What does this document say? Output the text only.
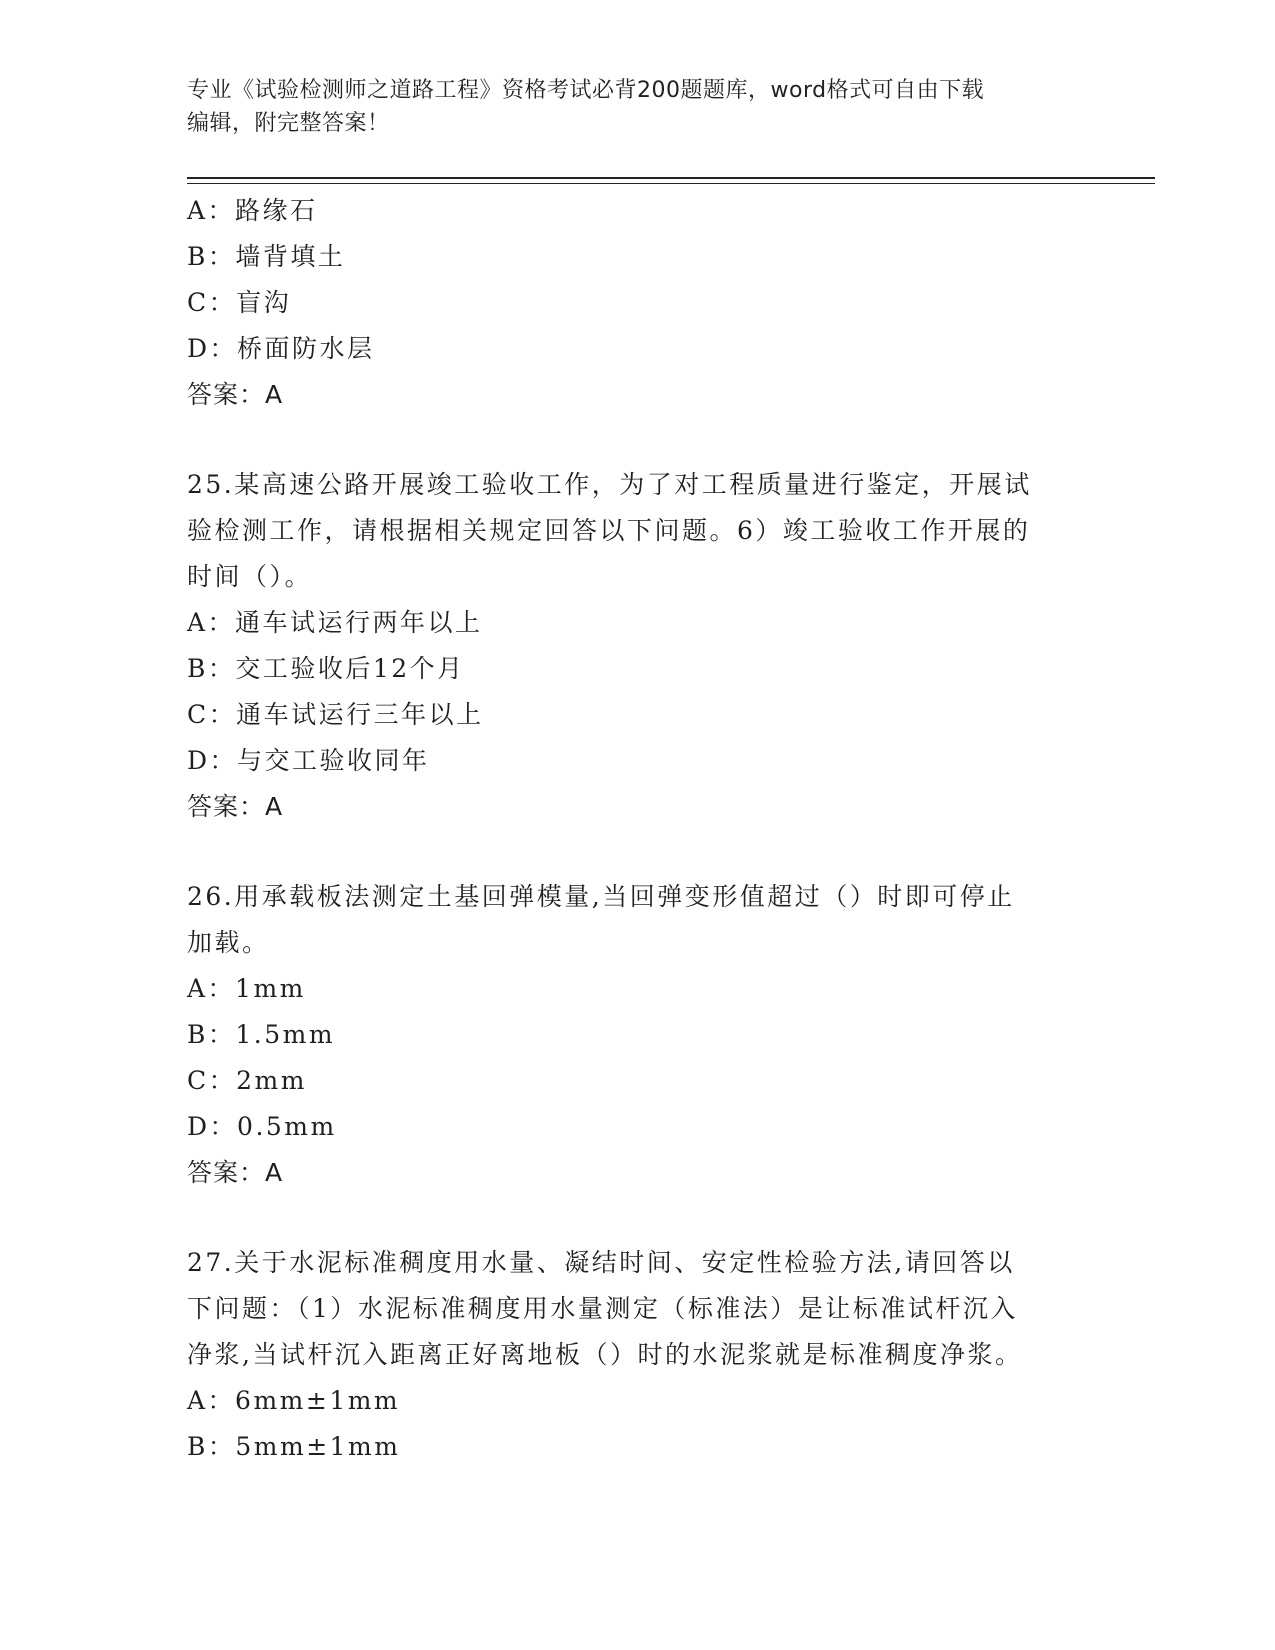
专业《试验检测师之道路工程》资格考试必背200题题库，word格式可自由下载
编辑，附完整答案！
A：路缘石
B：墙背填土
C：盲沟
D：桥面防水层
答案：A
25.某高速公路开展竣工验收工作，为了对工程质量进行鉴定，开展试
验检测工作，请根据相关规定回答以下问题。6）竣工验收工作开展的
时间（）。
A：通车试运行两年以上
B：交工验收后12个月
C：通车试运行三年以上
D：与交工验收同年
答案：A
26.用承载板法测定土基回弹模量,当回弹变形值超过（）时即可停止
加载。
A：1mm
B：1.5mm
C：2mm
D：0.5mm
答案：A
27.关于水泥标准稠度用水量、凝结时间、安定性检验方法,请回答以
下问题：（1）水泥标准稠度用水量测定（标准法）是让标准试杆沉入
净浆,当试杆沉入距离正好离地板（）时的水泥浆就是标准稠度净浆。
A：6mm±1mm
B：5mm±1mm
